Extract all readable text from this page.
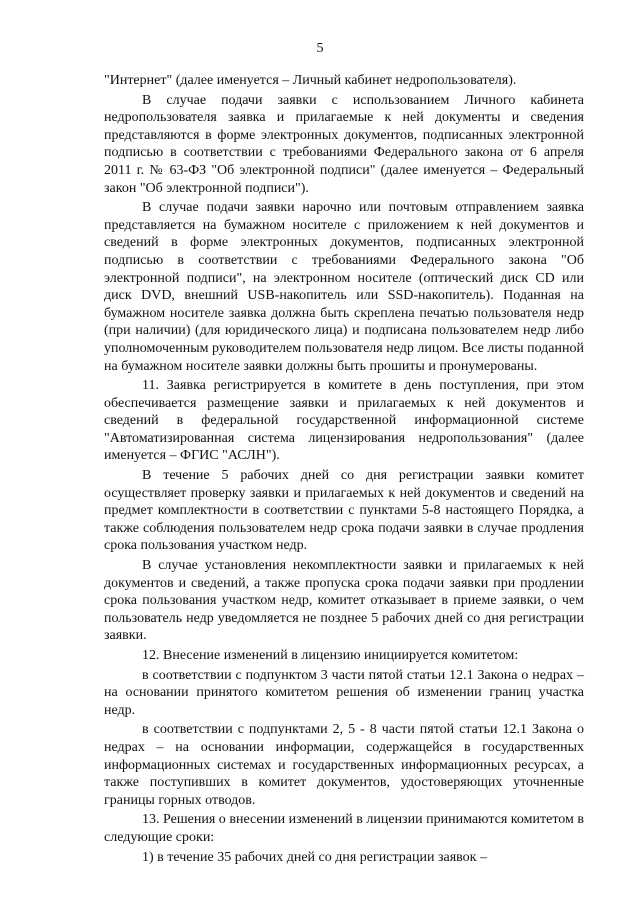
5

"Интернет" (далее именуется – Личный кабинет недропользователя).

В случае подачи заявки с использованием Личного кабинета недропользователя заявка и прилагаемые к ней документы и сведения представляются в форме электронных документов, подписанных электронной подписью в соответствии с требованиями Федерального закона от 6 апреля 2011 г. № 63-ФЗ "Об электронной подписи" (далее именуется – Федеральный закон "Об электронной подписи").

В случае подачи заявки нарочно или почтовым отправлением заявка представляется на бумажном носителе с приложением к ней документов и сведений в форме электронных документов, подписанных электронной подписью в соответствии с требованиями Федерального закона "Об электронной подписи", на электронном носителе (оптический диск CD или диск DVD, внешний USB-накопитель или SSD-накопитель). Поданная на бумажном носителе заявка должна быть скреплена печатью пользователя недр (при наличии) (для юридического лица) и подписана пользователем недр либо уполномоченным руководителем пользователя недр лицом. Все листы поданной на бумажном носителе заявки должны быть прошиты и пронумерованы.

11. Заявка регистрируется в комитете в день поступления, при этом обеспечивается размещение заявки и прилагаемых к ней документов и сведений в федеральной государственной информационной системе "Автоматизированная система лицензирования недропользования" (далее именуется – ФГИС "АСЛН").

В течение 5 рабочих дней со дня регистрации заявки комитет осуществляет проверку заявки и прилагаемых к ней документов и сведений на предмет комплектности в соответствии с пунктами 5-8 настоящего Порядка, а также соблюдения пользователем недр срока подачи заявки в случае продления срока пользования участком недр.

В случае установления некомплектности заявки и прилагаемых к ней документов и сведений, а также пропуска срока подачи заявки при продлении срока пользования участком недр, комитет отказывает в приеме заявки, о чем пользователь недр уведомляется не позднее 5 рабочих дней со дня регистрации заявки.

12. Внесение изменений в лицензию инициируется комитетом:

в соответствии с подпунктом 3 части пятой статьи 12.1 Закона о недрах – на основании принятого комитетом решения об изменении границ участка недр.

в соответствии с подпунктами 2, 5 - 8 части пятой статьи 12.1 Закона о недрах – на основании информации, содержащейся в государственных информационных системах и государственных информационных ресурсах, а также поступивших в комитет документов, удостоверяющих уточненные границы горных отводов.

13. Решения о внесении изменений в лицензии принимаются комитетом в следующие сроки:

1) в течение 35 рабочих дней со дня регистрации заявок –
